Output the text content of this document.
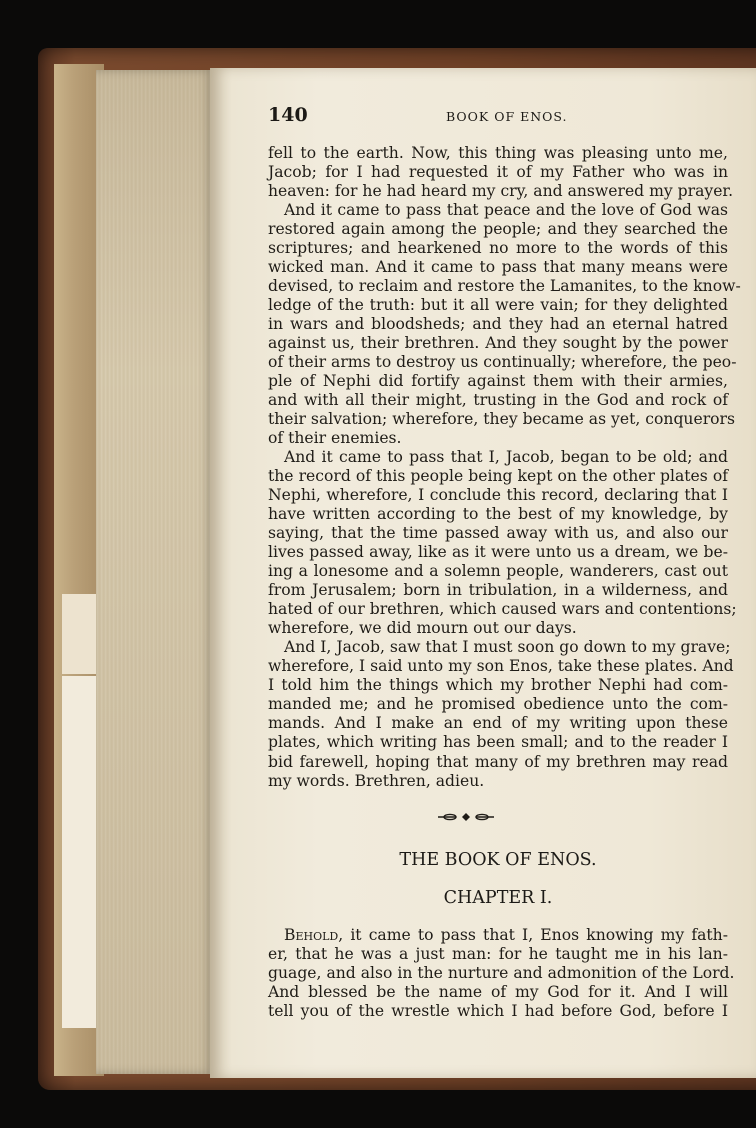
140	BOOK OF ENOS.
fell to the earth. Now, this thing was pleasing unto me,
Jacob; for I had requested it of my Father who was in
heaven: for he had heard my cry, and answered my prayer.
And it came to pass that peace and the love of God was
restored again among the people; and they searched the
scriptures; and hearkened no more to the words of this
wicked man. And it came to pass that many means were
devised, to reclaim and restore the Lamanites, to the know-
ledge of the truth: but it all were vain; for they delighted
in wars and bloodsheds; and they had an eternal hatred
against us, their brethren. And they sought by the power
of their arms to destroy us continually; wherefore, the peo-
ple of Nephi did fortify against them with their armies,
and with all their might, trusting in the God and rock of
their salvation; wherefore, they became as yet, conquerors
of their enemies.
And it came to pass that I, Jacob, began to be old; and
the record of this people being kept on the other plates of
Nephi, wherefore, I conclude this record, declaring that I
have written according to the best of my knowledge, by
saying, that the time passed away with us, and also our
lives passed away, like as it were unto us a dream, we be-
ing a lonesome and a solemn people, wanderers, cast out
from Jerusalem; born in tribulation, in a wilderness, and
hated of our brethren, which caused wars and contentions;
wherefore, we did mourn out our days.
And I, Jacob, saw that I must soon go down to my grave;
wherefore, I said unto my son Enos, take these plates. And
I told him the things which my brother Nephi had com-
manded me; and he promised obedience unto the com-
mands. And I make an end of my writing upon these
plates, which writing has been small; and to the reader I
bid farewell, hoping that many of my brethren may read
my words. Brethren, adieu.
THE BOOK OF ENOS.
CHAPTER I.
Behold, it came to pass that I, Enos knowing my fath-
er, that he was a just man: for he taught me in his lan-
guage, and also in the nurture and admonition of the Lord.
And blessed be the name of my God for it. And I will
tell you of the wrestle which I had before God, before I
